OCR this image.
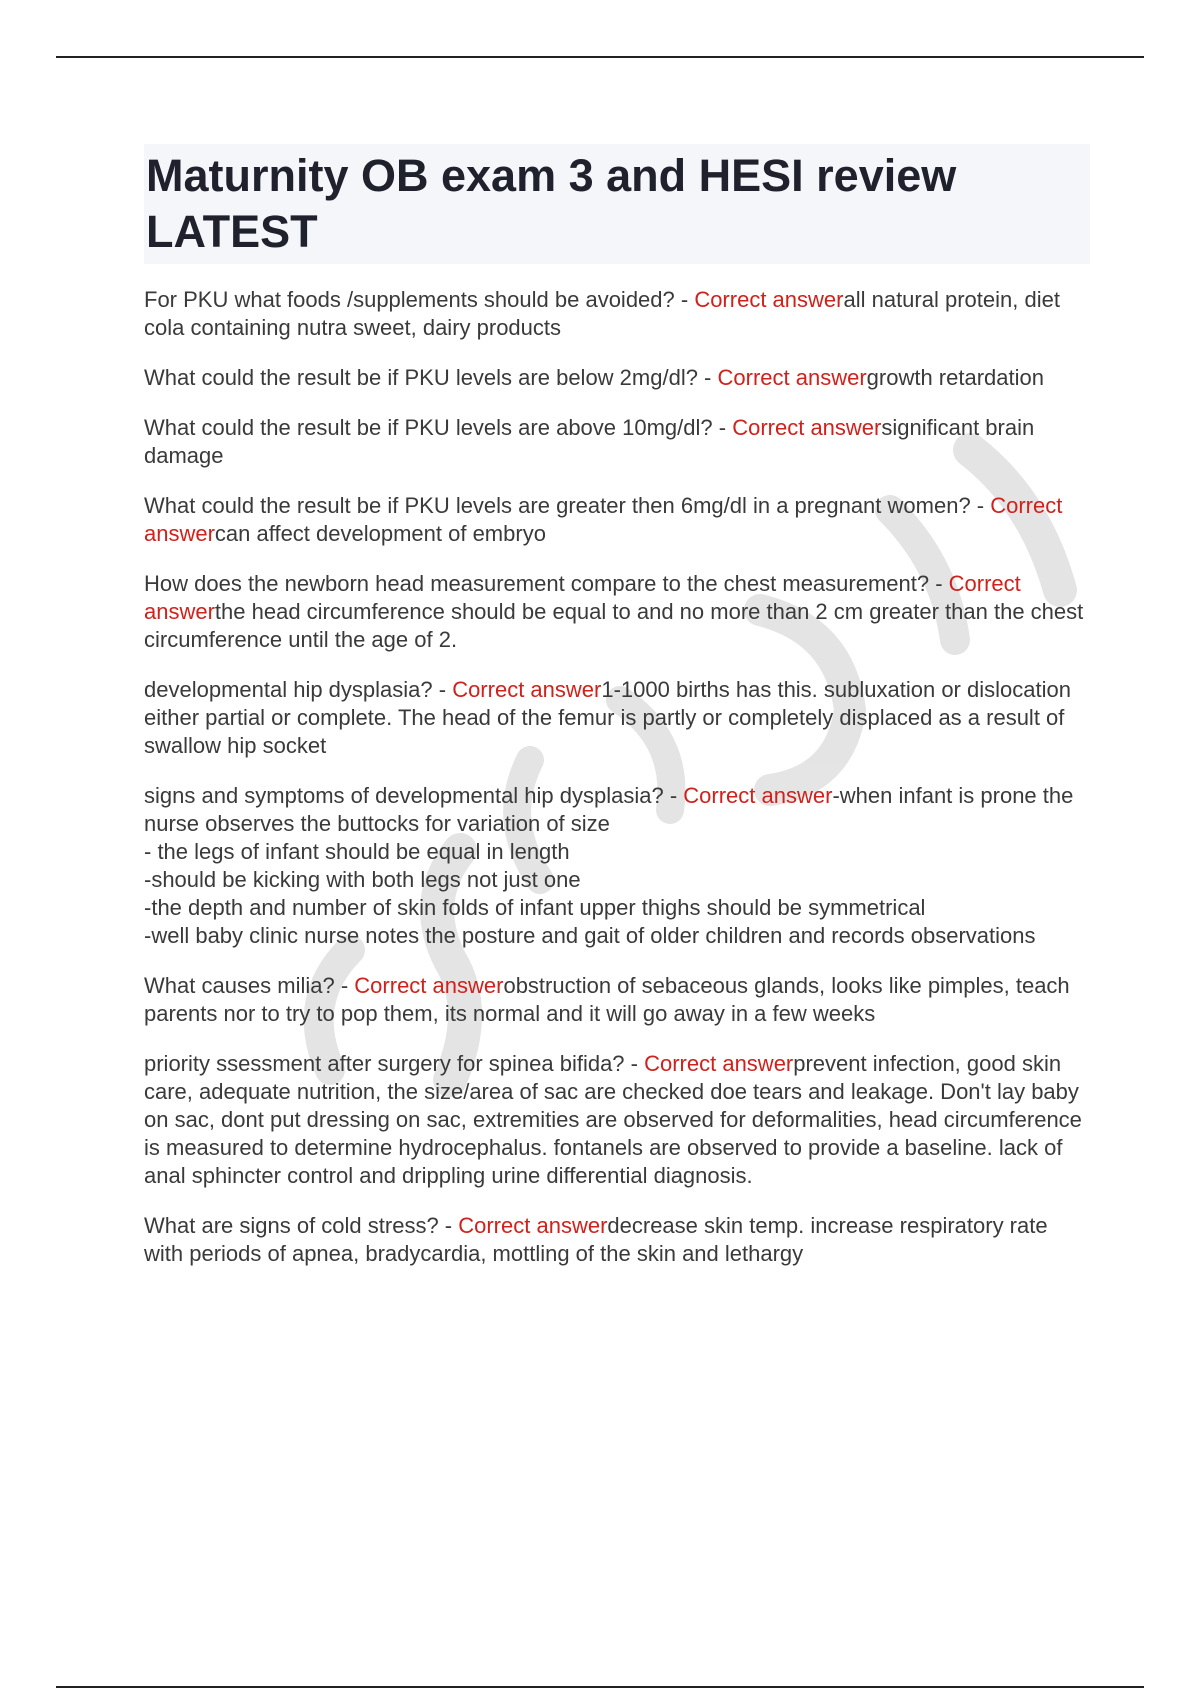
Maturnity OB exam 3 and HESI review LATEST

For PKU what foods /supplements should be avoided? - Correct answerall natural protein, diet cola containing nutra sweet, dairy products

What could the result be if PKU levels are below 2mg/dl? - Correct answergrowth retardation

What could the result be if PKU levels are above 10mg/dl? - Correct answersignificant brain damage

What could the result be if PKU levels are greater then 6mg/dl in a pregnant women? - Correct answercan affect development of embryo

How does the newborn head measurement compare to the chest measurement? - Correct answerthe head circumference should be equal to and no more than 2 cm greater than the chest circumference until the age of 2.

developmental hip dysplasia? - Correct answer1-1000 births has this. subluxation or dislocation either partial or complete. The head of the femur is partly or completely displaced as a result of swallow hip socket

signs and symptoms of developmental hip dysplasia? - Correct answer-when infant is prone the nurse observes the buttocks for variation of size
- the legs of infant should be equal in length
-should be kicking with both legs not just one
-the depth and number of skin folds of infant upper thighs should be symmetrical
-well baby clinic nurse notes the posture and gait of older children and records observations

What causes milia? - Correct answerobstruction of sebaceous glands, looks like pimples, teach parents nor to try to pop them, its normal and it will go away in a few weeks

priority ssessment after surgery for spinea bifida? - Correct answerprevent infection, good skin care, adequate nutrition, the size/area of sac are checked doe tears and leakage. Don't lay baby on sac, dont put dressing on sac, extremities are observed for deformalities, head circumference is measured to determine hydrocephalus. fontanels are observed to provide a baseline. lack of anal sphincter control and drippling urine differential diagnosis.

What are signs of cold stress? - Correct answerdecrease skin temp. increase respiratory rate with periods of apnea, bradycardia, mottling of the skin and lethargy
